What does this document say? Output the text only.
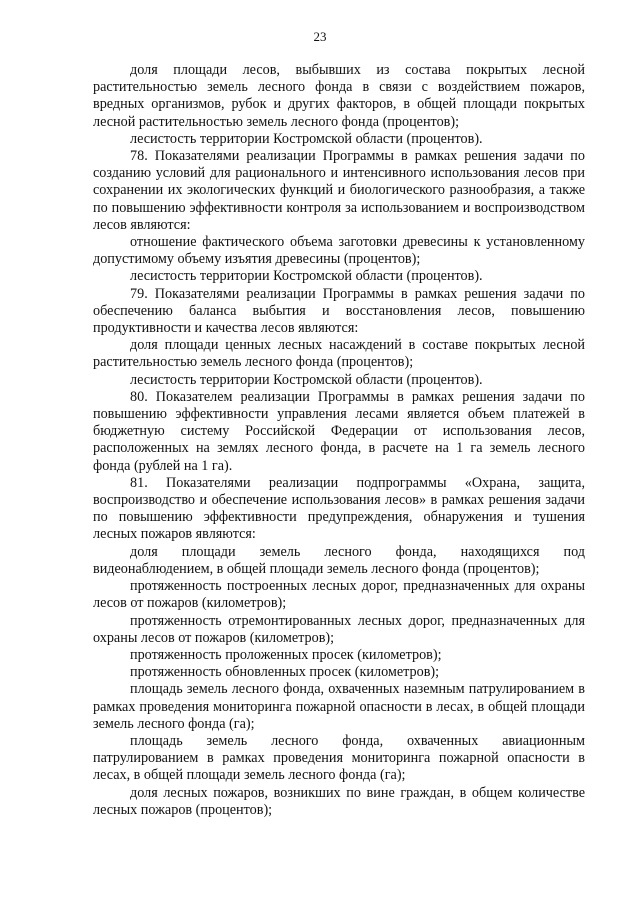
23

доля площади лесов, выбывших из состава покрытых лесной растительностью земель лесного фонда в связи с воздействием пожаров, вредных организмов, рубок и других факторов, в общей площади покрытых лесной растительностью земель лесного фонда (процентов);

лесистость территории Костромской области (процентов).

78. Показателями реализации Программы в рамках решения задачи по созданию условий для рационального и интенсивного использования лесов при сохранении их экологических функций и биологического разнообразия, а также по повышению эффективности контроля за использованием и воспроизводством лесов являются:

отношение фактического объема заготовки древесины к установленному допустимому объему изъятия древесины (процентов);

лесистость территории Костромской области (процентов).

79. Показателями реализации Программы в рамках решения задачи по обеспечению баланса выбытия и восстановления лесов, повышению продуктивности и качества лесов являются:

доля площади ценных лесных насаждений в составе покрытых лесной растительностью земель лесного фонда (процентов);

лесистость территории Костромской области (процентов).

80. Показателем реализации Программы в рамках решения задачи по повышению эффективности управления лесами является объем платежей в бюджетную систему Российской Федерации от использования лесов, расположенных на землях лесного фонда, в расчете на 1 га земель лесного фонда (рублей на 1 га).

81. Показателями реализации подпрограммы «Охрана, защита, воспроизводство и обеспечение использования лесов» в рамках решения задачи по повышению эффективности предупреждения, обнаружения и тушения лесных пожаров являются:

доля площади земель лесного фонда, находящихся под видеонаблюдением, в общей площади земель лесного фонда (процентов);

протяженность построенных лесных дорог, предназначенных для охраны лесов от пожаров (километров);

протяженность отремонтированных лесных дорог, предназначенных для охраны лесов от пожаров (километров);

протяженность проложенных просек (километров);

протяженность обновленных просек (километров);

площадь земель лесного фонда, охваченных наземным патрулированием в рамках проведения мониторинга пожарной опасности в лесах, в общей площади земель лесного фонда (га);

площадь земель лесного фонда, охваченных авиационным патрулированием в рамках проведения мониторинга пожарной опасности в лесах, в общей площади земель лесного фонда (га);

доля лесных пожаров, возникших по вине граждан, в общем количестве лесных пожаров (процентов);
